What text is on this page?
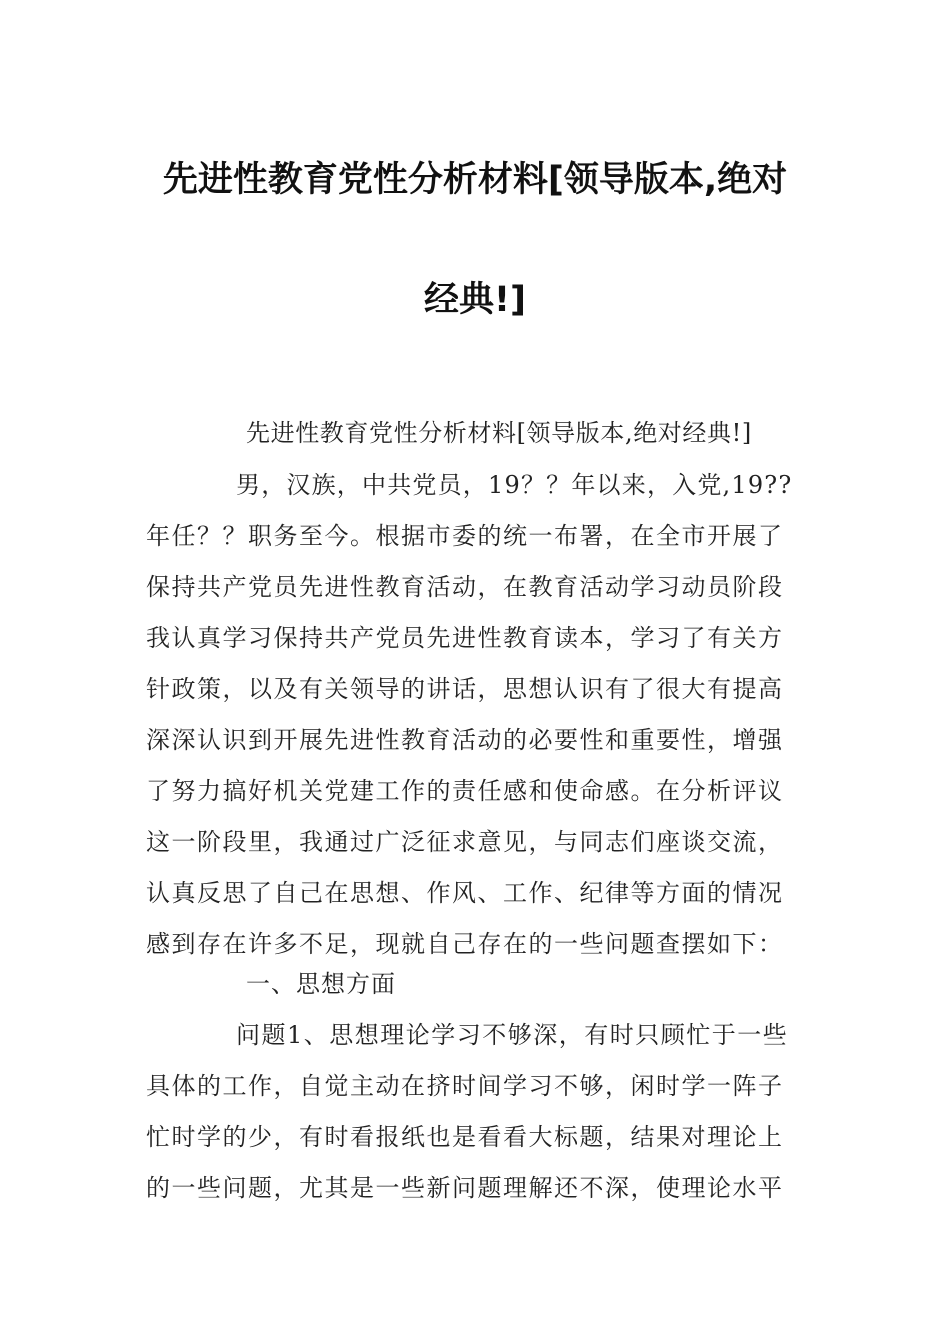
先进性教育党性分析材料[领导版本,绝对
经典!]
先进性教育党性分析材料[领导版本,绝对经典!]
男，汉族，中共党员，19？？年以来，入党,19??
年任？？职务至今。根据市委的统一布署，在全市开展了
保持共产党员先进性教育活动，在教育活动学习动员阶段
我认真学习保持共产党员先进性教育读本，学习了有关方
针政策，以及有关领导的讲话，思想认识有了很大有提高
深深认识到开展先进性教育活动的必要性和重要性，增强
了努力搞好机关党建工作的责任感和使命感。在分析评议
这一阶段里，我通过广泛征求意见，与同志们座谈交流，
认真反思了自己在思想、作风、工作、纪律等方面的情况
感到存在许多不足，现就自己存在的一些问题查摆如下：
一、思想方面
问题1、思想理论学习不够深，有时只顾忙于一些
具体的工作，自觉主动在挤时间学习不够，闲时学一阵子
忙时学的少，有时看报纸也是看看大标题，结果对理论上
的一些问题，尤其是一些新问题理解还不深，使理论水平
